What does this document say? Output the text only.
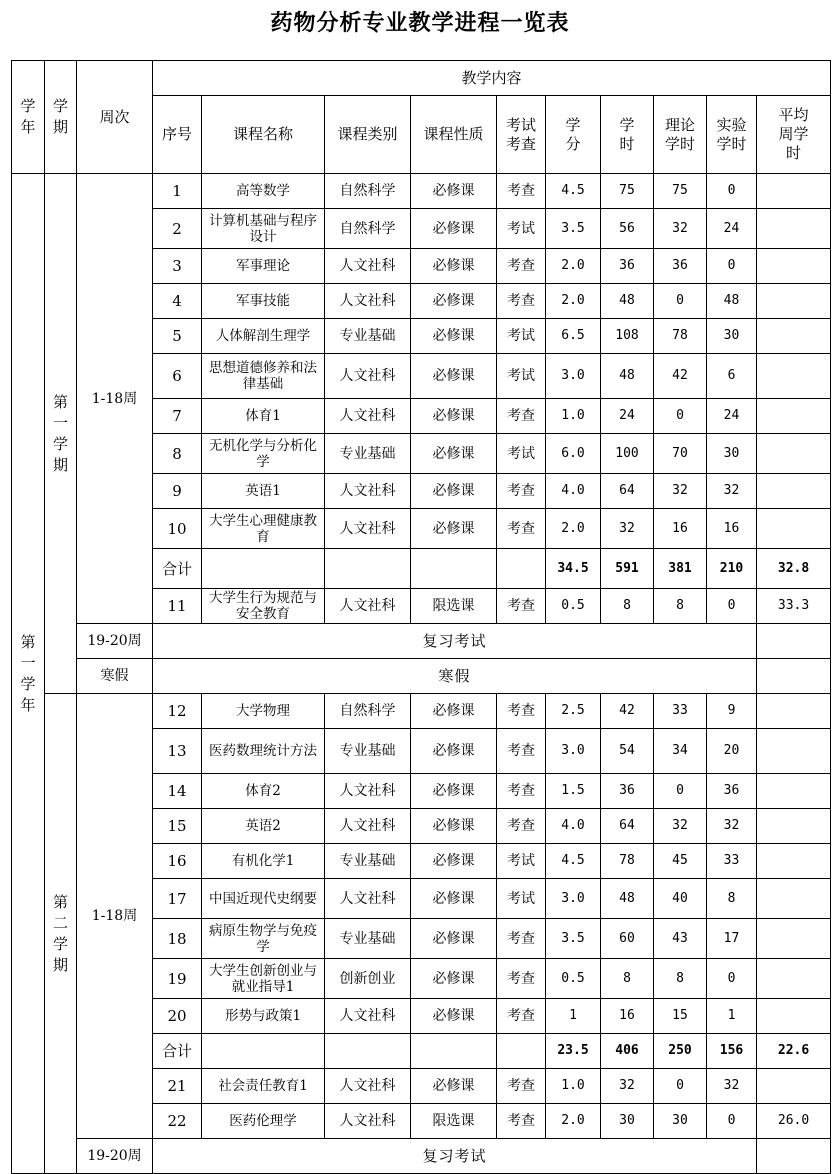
药物分析专业教学进程一览表
学年	学期	周次	教学内容									
			序号	课程名称	课程类别	课程性质	考试考查	学分	学时	理论学时	实验学时	平均周学时
第一学年	第一学期	1-18周	1	高等数学	自然科学	必修课	考查	4.5	75	75	0	
			2	计算机基础与程序设计	自然科学	必修课	考试	3.5	56	32	24	
			3	军事理论	人文社科	必修课	考查	2.0	36	36	0	
			4	军事技能	人文社科	必修课	考查	2.0	48	0	48	
			5	人体解剖生理学	专业基础	必修课	考试	6.5	108	78	30	
			6	思想道德修养和法律基础	人文社科	必修课	考试	3.0	48	42	6	
			7	体育1	人文社科	必修课	考查	1.0	24	0	24	
			8	无机化学与分析化学	专业基础	必修课	考试	6.0	100	70	30	
			9	英语1	人文社科	必修课	考查	4.0	64	32	32	
			10	大学生心理健康教育	人文社科	必修课	考查	2.0	32	16	16	
			合计					34.5	591	381	210	32.8
			11	大学生行为规范与安全教育	人文社科	限选课	考查	0.5	8	8	0	33.3
		19-20周	复习考试									
		寒假	寒假									
	第二学期	1-18周	12	大学物理	自然科学	必修课	考查	2.5	42	33	9	
			13	医药数理统计方法	专业基础	必修课	考查	3.0	54	34	20	
			14	体育2	人文社科	必修课	考查	1.5	36	0	36	
			15	英语2	人文社科	必修课	考查	4.0	64	32	32	
			16	有机化学1	专业基础	必修课	考试	4.5	78	45	33	
			17	中国近现代史纲要	人文社科	必修课	考试	3.0	48	40	8	
			18	病原生物学与免疫学	专业基础	必修课	考查	3.5	60	43	17	
			19	大学生创新创业与就业指导1	创新创业	必修课	考查	0.5	8	8	0	
			20	形势与政策1	人文社科	必修课	考查	1	16	15	1	
			合计					23.5	406	250	156	22.6
			21	社会责任教育1	人文社科	必修课	考查	1.0	32	0	32	
			22	医药伦理学	人文社科	限选课	考查	2.0	30	30	0	26.0
		19-20周	复习考试									
